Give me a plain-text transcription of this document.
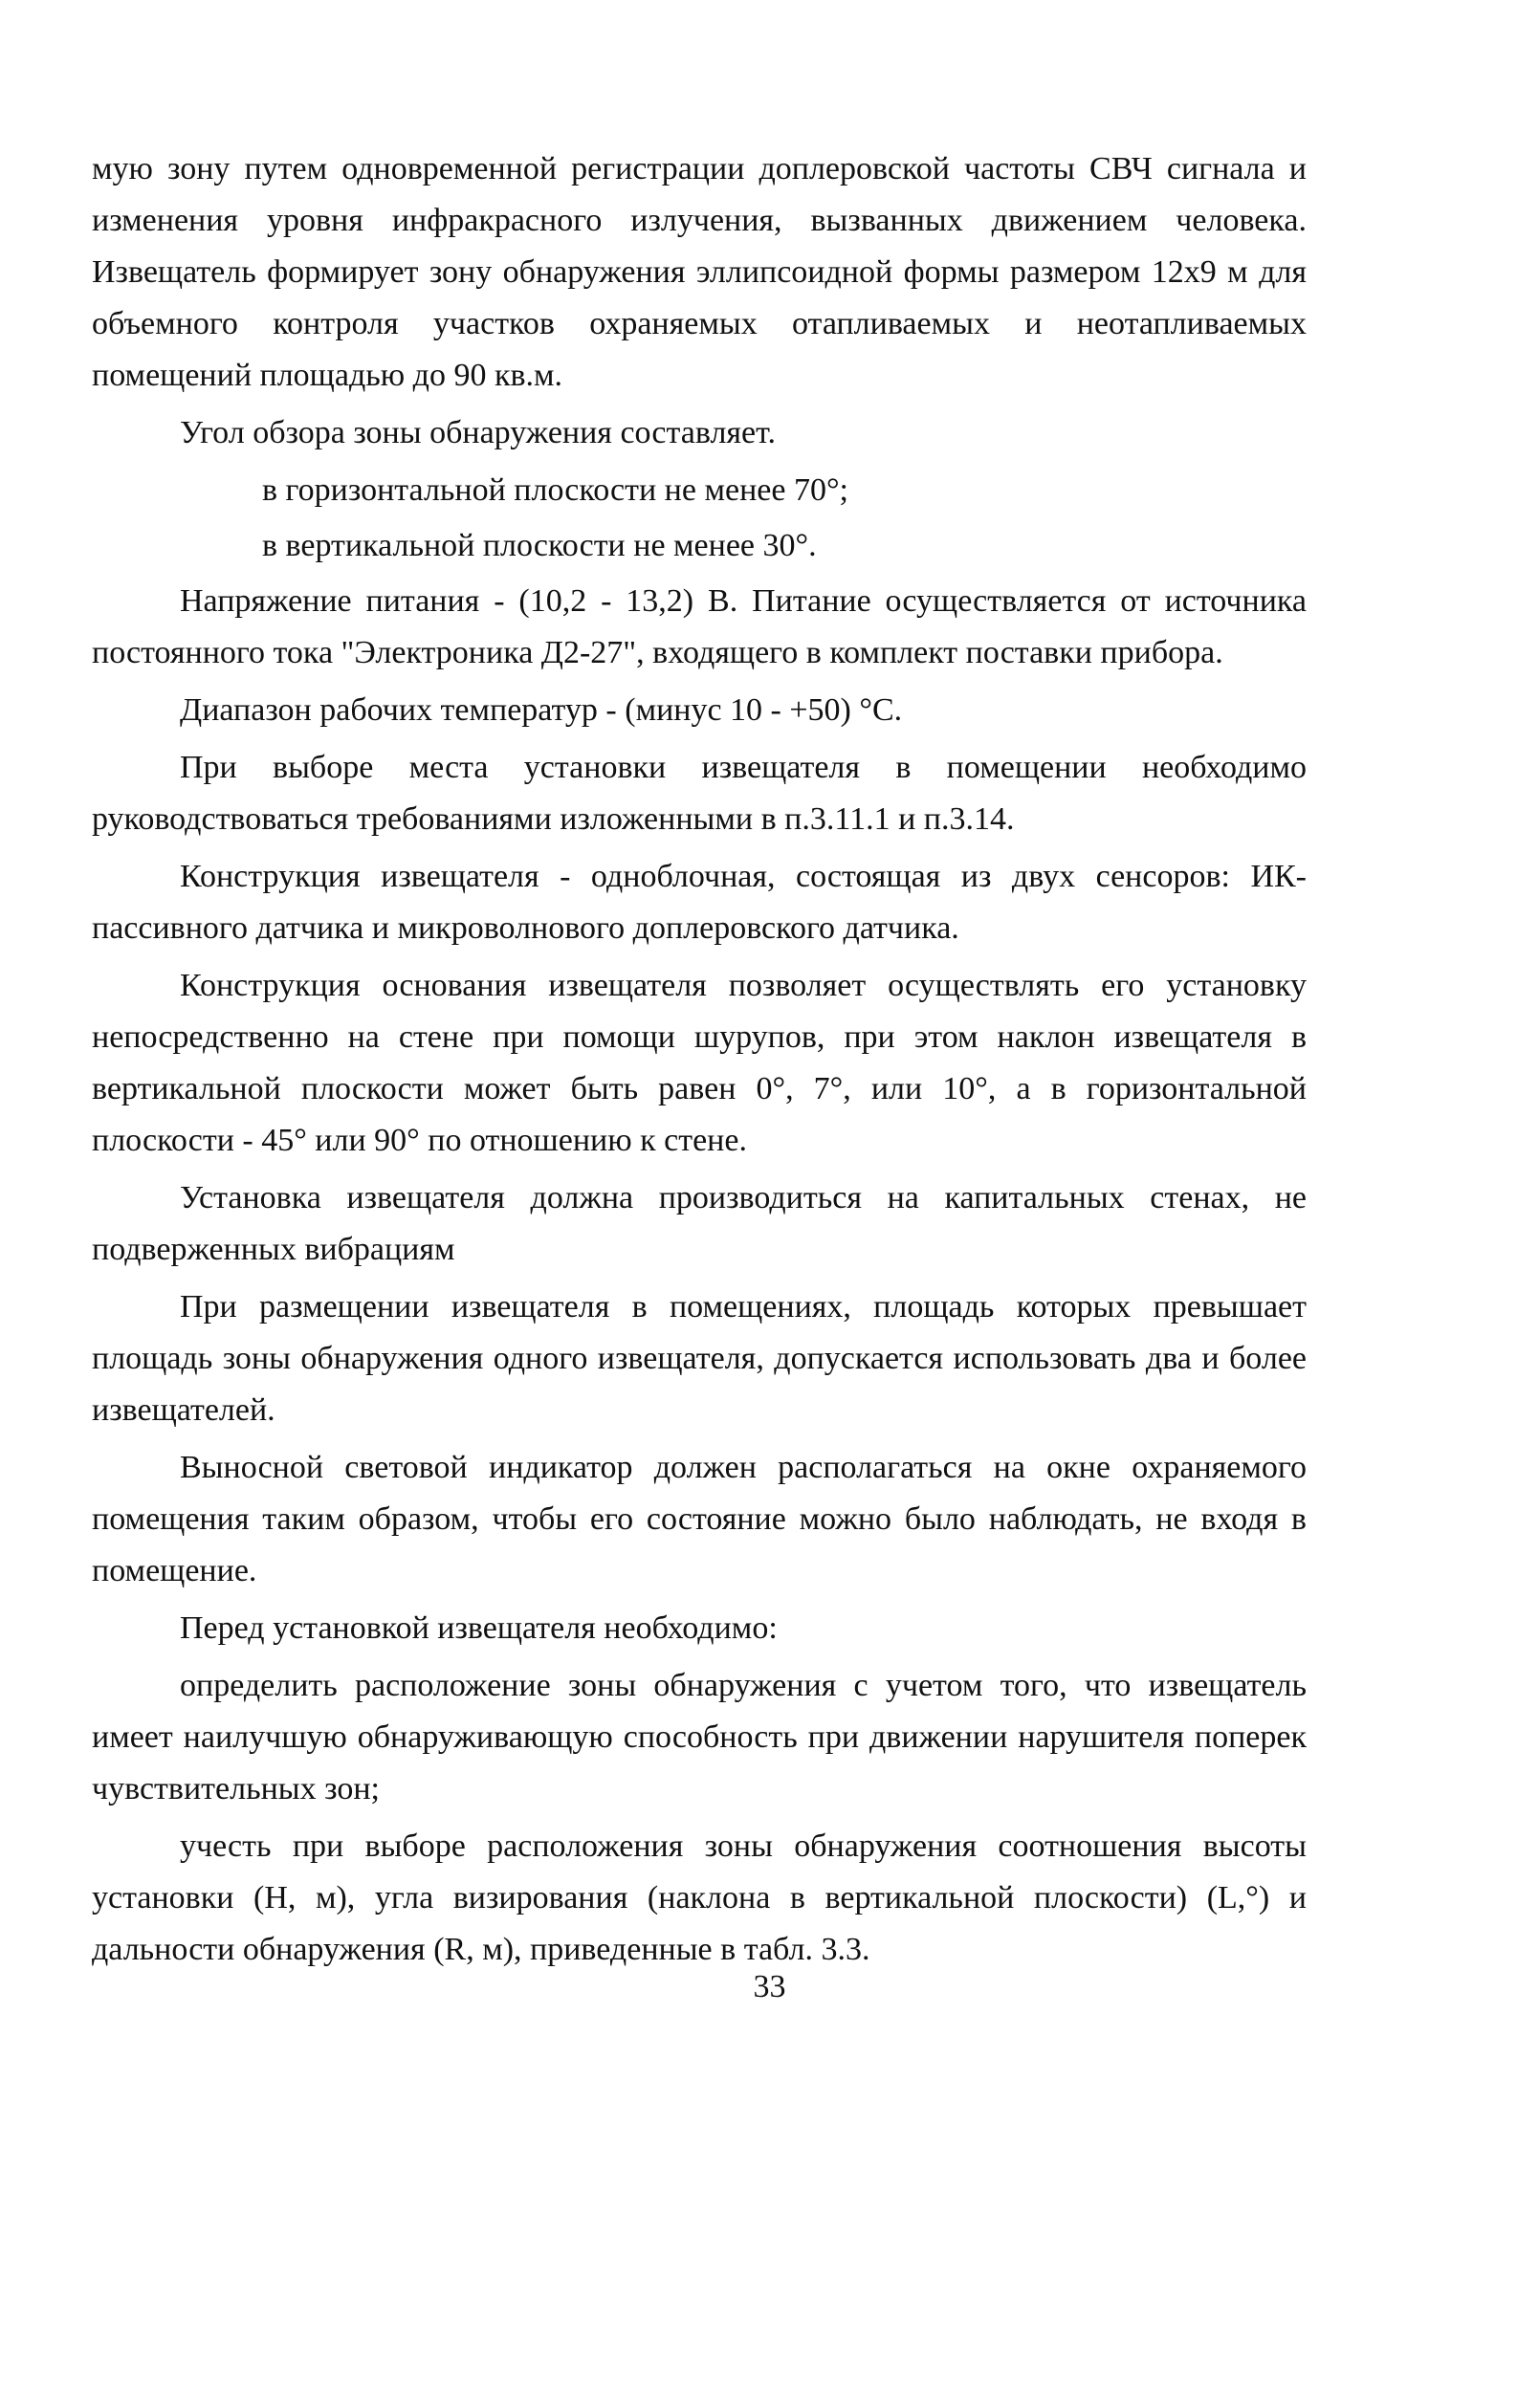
мую зону путем одновременной регистрации доплеровской частоты СВЧ сигнала и изменения уровня инфракрасного излучения, вызванных движением человека. Извещатель формирует зону обнаружения эллипсоидной формы размером 12х9 м для объемного контроля участков охраняемых отапливаемых и неотапливаемых помещений площадью до 90 кв.м.

Угол обзора зоны обнаружения составляет.

в горизонтальной плоскости не менее 70°;

в вертикальной плоскости не менее 30°.

Напряжение питания - (10,2 - 13,2) В. Питание осуществляется от источника постоянного тока "Электроника Д2-27", входящего в комплект поставки прибора.

Диапазон рабочих температур - (минус 10 - +50) °С.

При выборе места установки извещателя в помещении необходимо руководствоваться требованиями изложенными в п.3.11.1 и п.3.14.

Конструкция извещателя - одноблочная, состоящая из двух сенсоров: ИК-пассивного датчика и микроволнового доплеровского датчика.

Конструкция основания извещателя позволяет осуществлять его установку непосредственно на стене при помощи шурупов, при этом наклон извещателя в вертикальной плоскости может быть равен 0°, 7°, или 10°, а в горизонтальной плоскости - 45° или 90° по отношению к стене.

Установка извещателя должна производиться на капитальных стенах, не подверженных вибрациям

При размещении извещателя в помещениях, площадь которых превышает площадь зоны обнаружения одного извещателя, допускается использовать два и более извещателей.

Выносной световой индикатор должен располагаться на окне охраняемого помещения таким образом, чтобы его состояние можно было наблюдать, не входя в помещение.

Перед установкой извещателя необходимо:

определить расположение зоны обнаружения с учетом того, что извещатель имеет наилучшую обнаруживающую способность при движении нарушителя поперек чувствительных зон;

учесть при выборе расположения зоны обнаружения соотношения высоты установки (Н, м), угла визирования (наклона в вертикальной плоскости) (L,°) и дальности обнаружения (R, м), приведенные в табл. 3.3.

33
